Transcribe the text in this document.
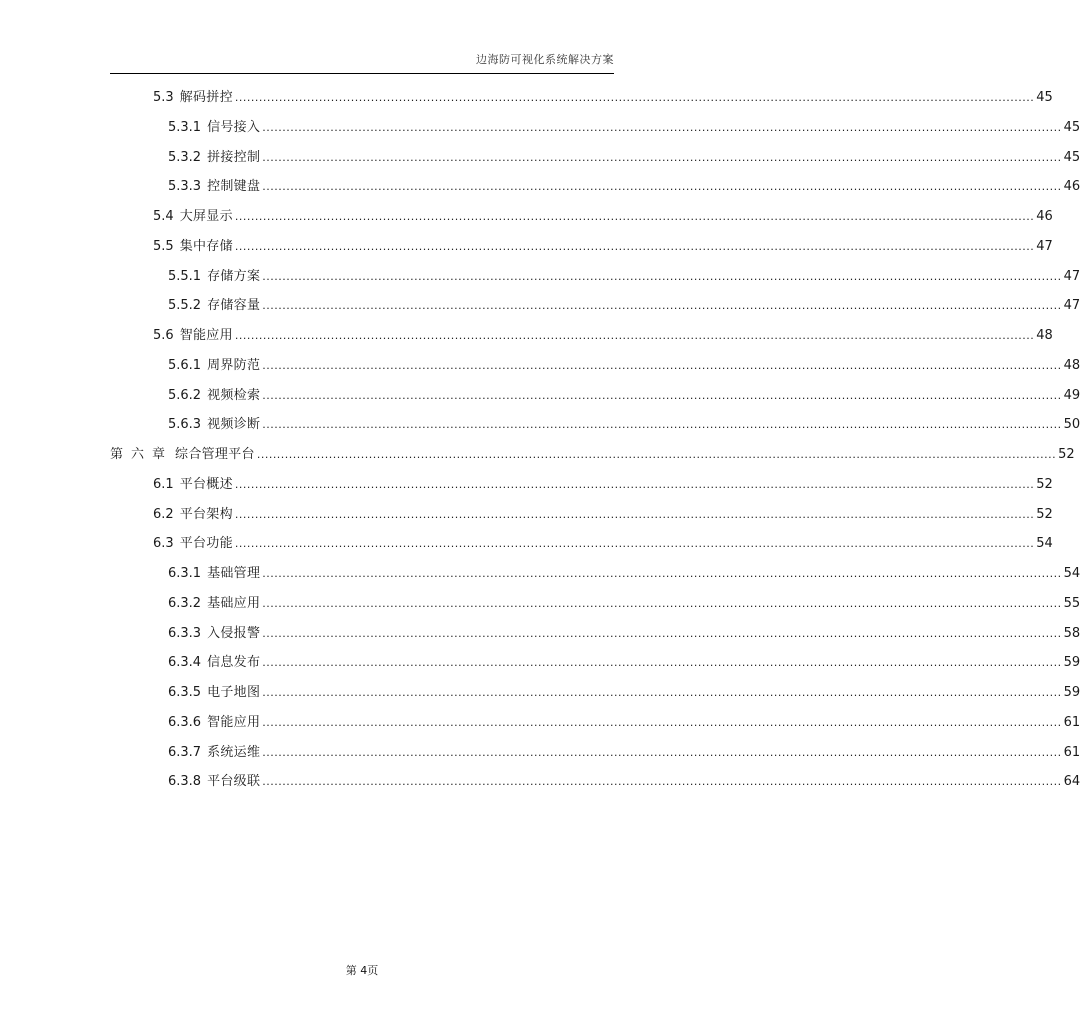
边海防可视化系统解决方案
5.3 解码拼控 ........................................................................................................................................................................................................ 45
5.3.1 信号接入 ........................................................................................................................................................................................................ 45
5.3.2 拼接控制 ........................................................................................................................................................................................................ 45
5.3.3 控制键盘 ........................................................................................................................................................................................................ 46
5.4 大屏显示 ........................................................................................................................................................................................................ 46
5.5 集中存储 ........................................................................................................................................................................................................ 47
5.5.1 存储方案 ........................................................................................................................................................................................................ 47
5.5.2 存储容量 ........................................................................................................................................................................................................ 47
5.6 智能应用 ........................................................................................................................................................................................................ 48
5.6.1 周界防范 ........................................................................................................................................................................................................ 48
5.6.2 视频检索 ........................................................................................................................................................................................................ 49
5.6.3 视频诊断 ........................................................................................................................................................................................................ 50
第六章 综合管理平台 ........................................................................................................................................................................................................ 52
6.1 平台概述 ........................................................................................................................................................................................................ 52
6.2 平台架构 ........................................................................................................................................................................................................ 52
6.3 平台功能 ........................................................................................................................................................................................................ 54
6.3.1 基础管理 ........................................................................................................................................................................................................ 54
6.3.2 基础应用 ........................................................................................................................................................................................................ 55
6.3.3 入侵报警 ........................................................................................................................................................................................................ 58
6.3.4 信息发布 ........................................................................................................................................................................................................ 59
6.3.5 电子地图 ........................................................................................................................................................................................................ 59
6.3.6 智能应用 ........................................................................................................................................................................................................ 61
6.3.7 系统运维 ........................................................................................................................................................................................................ 61
6.3.8 平台级联 ........................................................................................................................................................................................................ 64
第 4页
